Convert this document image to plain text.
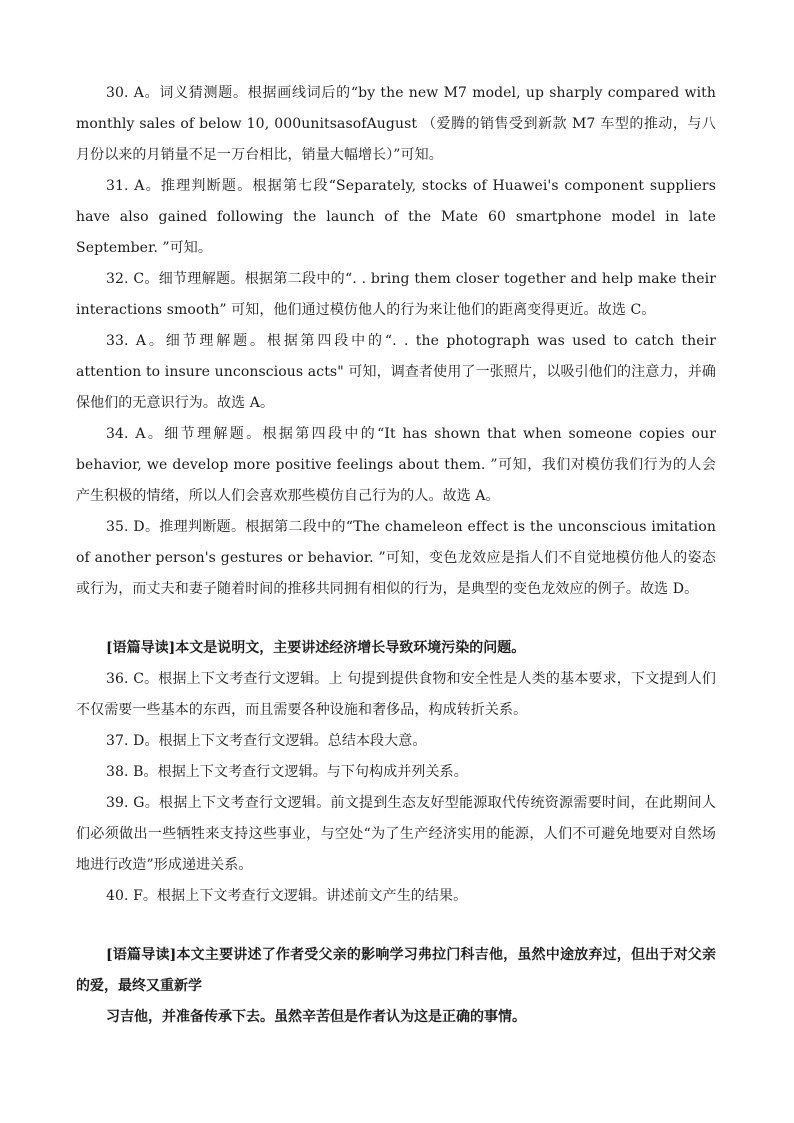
30. A。词义猜测题。根据画线词后的“by the new M7 model, up sharply compared with monthly sales of below 10, 000unitsasofAugust （爱腾的销售受到新款 M7 车型的推动，与八月份以来的月销量不足一万台相比，销量大幅增长）”可知。

31. A。推理判断题。根据第七段“Separately, stocks of Huawei's component suppliers have also gained following the launch of the Mate 60 smartphone model in late September. ”可知。

32. C。细节理解题。根据第二段中的“. . bring them closer together and help make their interactions smooth” 可知，他们通过模仿他人的行为来让他们的距离变得更近。故选 C。

33. A。细节理解题。根据第四段中的“. . the photograph was used to catch their attention to insure unconscious acts" 可知，调查者使用了一张照片，以吸引他们的注意力，并确保他们的无意识行为。故选 A。

34. A。细节理解题。根据第四段中的“It has shown that when someone copies our behavior, we develop more positive feelings about them. ”可知，我们对模仿我们行为的人会产生积极的情绪，所以人们会喜欢那些模仿自己行为的人。故选 A。

35. D。推理判断题。根据第二段中的“The chameleon effect is the unconscious imitation of another person's gestures or behavior. ”可知，变色龙效应是指人们不自觉地模仿他人的姿态或行为，而丈夫和妻子随着时间的推移共同拥有相似的行为，是典型的变色龙效应的例子。故选 D。

[语篇导读]本文是说明文，主要讲述经济增长导致环境污染的问题。

36. C。根据上下文考查行文逻辑。上 句提到提供食物和安全性是人类的基本要求，下文提到人们不仅需要一些基本的东西，而且需要各种设施和奢侈品，构成转折关系。

37. D。根据上下文考查行文逻辑。总结本段大意。

38. B。根据上下文考查行文逻辑。与下句构成并列关系。

39. G。根据上下文考查行文逻辑。前文提到生态友好型能源取代传统资源需要时间，在此期间人们必须做出一些牺牲来支持这些事业，与空处“为了生产经济实用的能源，人们不可避免地要对自然场地进行改造”形成递进关系。

40. F。根据上下文考查行文逻辑。讲述前文产生的结果。

[语篇导读]本文主要讲述了作者受父亲的影响学习弗拉门科吉他，虽然中途放弃过，但出于对父亲的爱，最终又重新学

习吉他，并准备传承下去。虽然辛苦但是作者认为这是正确的事情。
